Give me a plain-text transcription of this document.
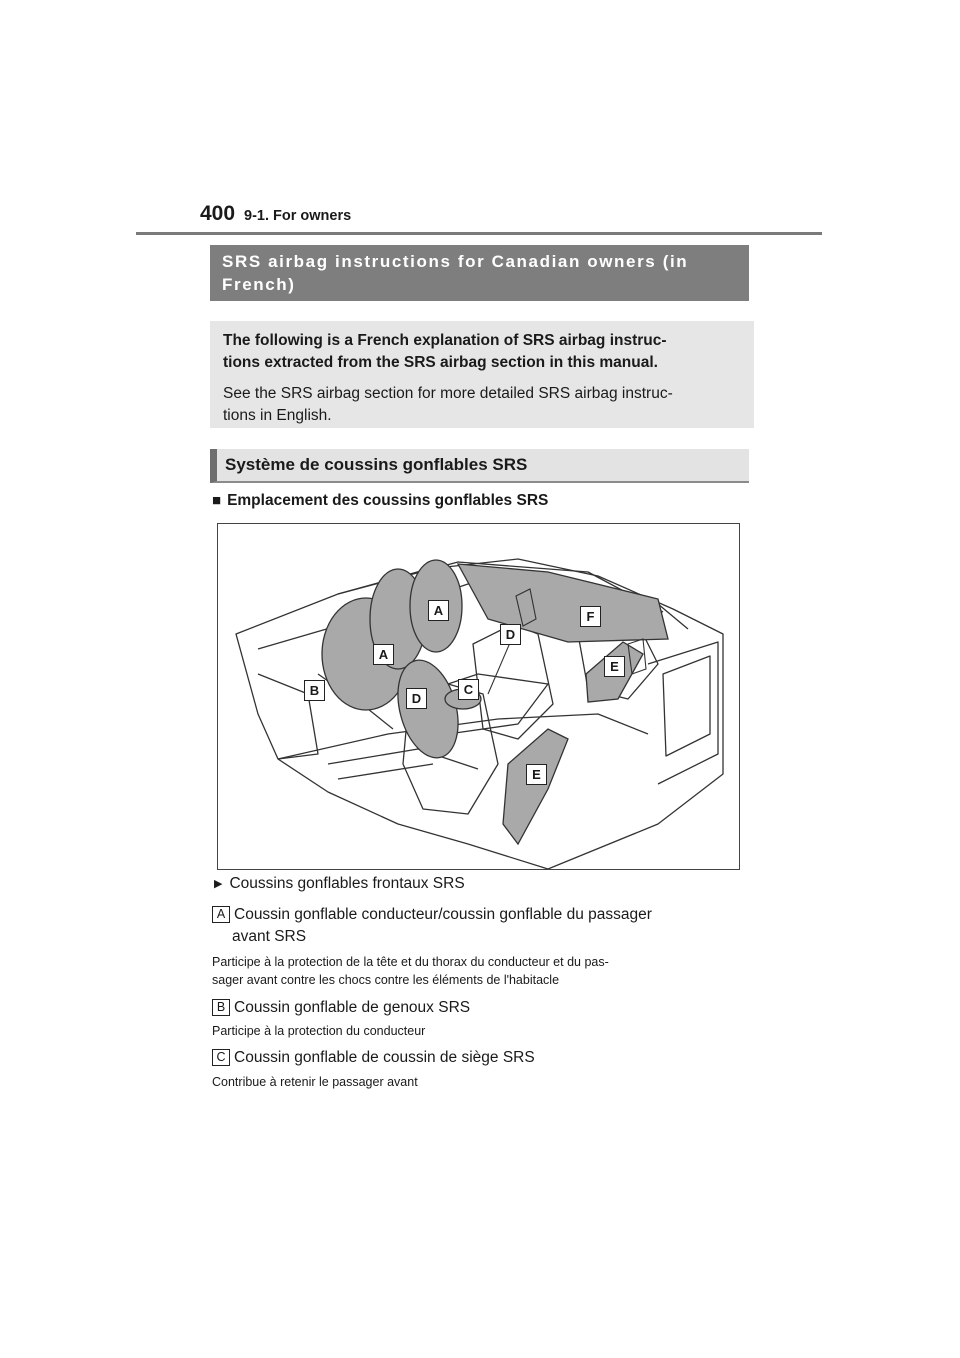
400 9-1. For owners
SRS airbag instructions for Canadian owners (in French)

The following is a French explanation of SRS airbag instruc-
tions extracted from the SRS airbag section in this manual.

See the SRS airbag section for more detailed SRS airbag instruc-
tions in English.

Système de coussins gonflables SRS
■ Emplacement des coussins gonflables SRS
A
A
B	C
D
D
E
E
F
▶ Coussins gonflables frontaux SRS
A Coussin gonflable conducteur/coussin gonflable du passager
avant SRS
Participe à la protection de la tête et du thorax du conducteur et du pas-
sager avant contre les chocs contre les éléments de l'habitacle
B Coussin gonflable de genoux SRS
Participe à la protection du conducteur
C Coussin gonflable de coussin de siège SRS
Contribue à retenir le passager avant
